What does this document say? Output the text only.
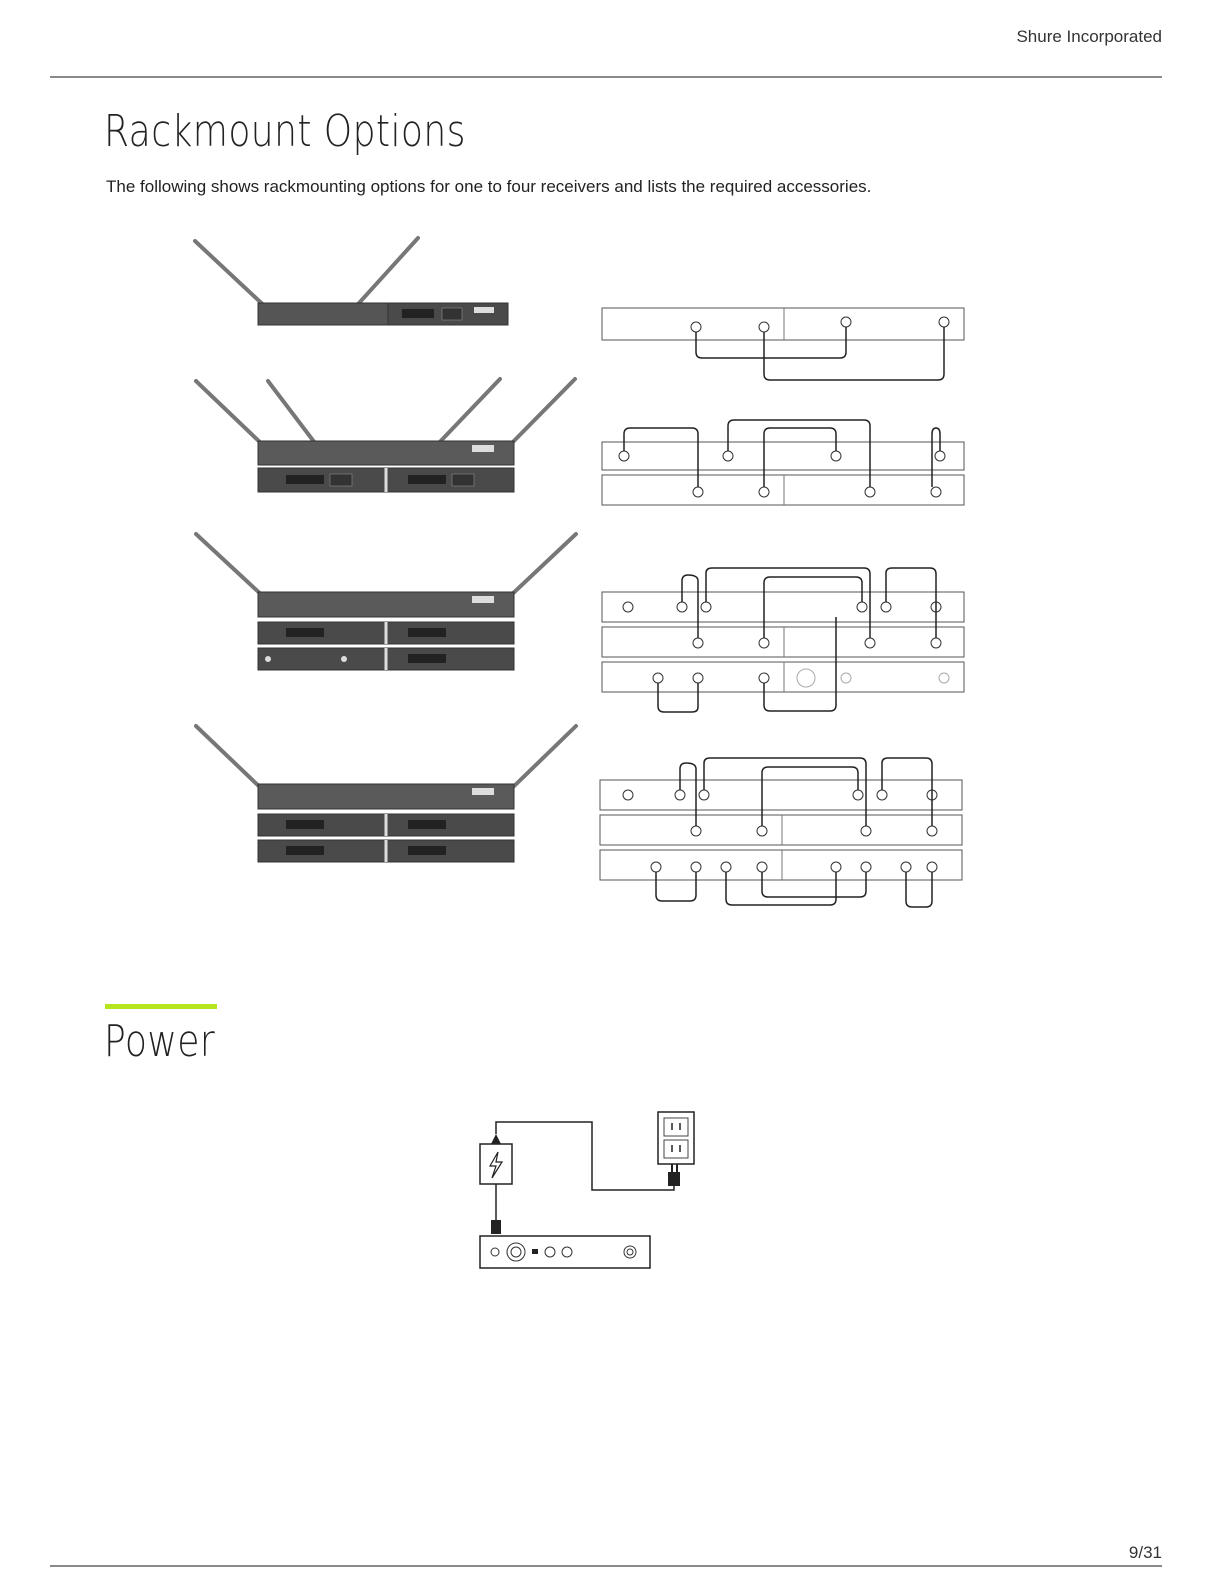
Shure Incorporated
Rackmount Options
The following shows rackmounting options for one to four receivers and lists the required accessories.
Power
9/31
